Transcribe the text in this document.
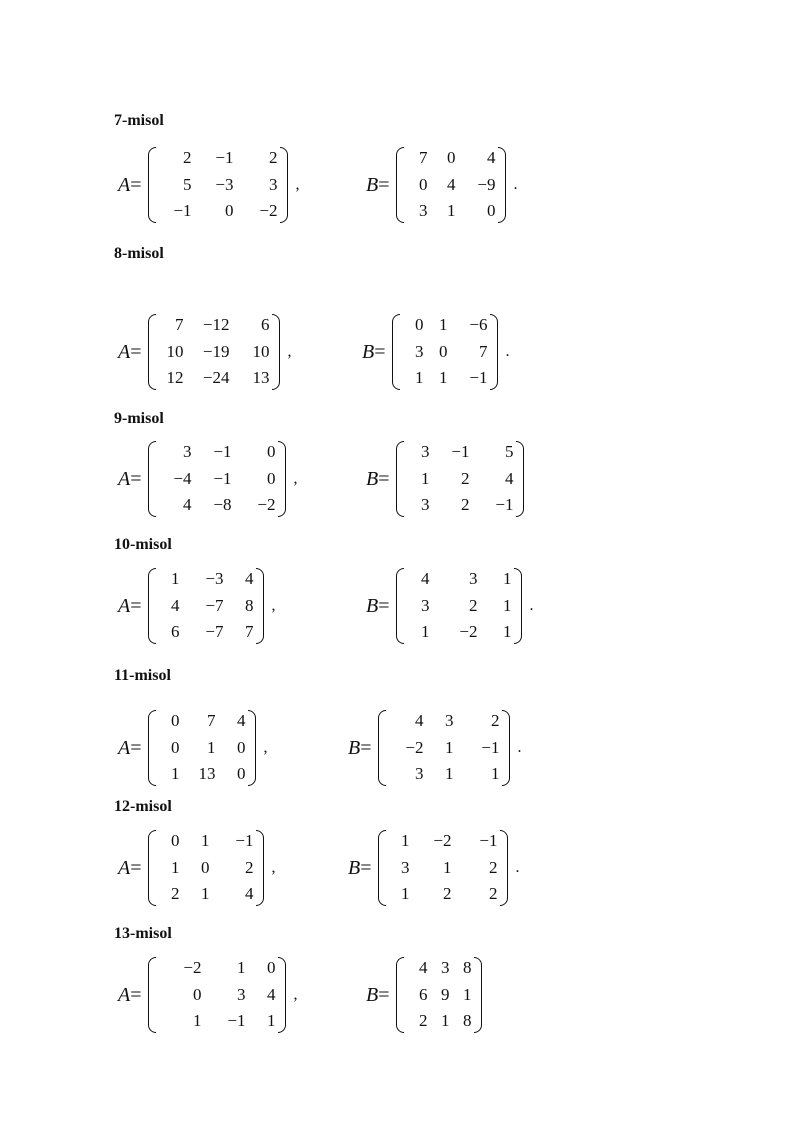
7-misol
A=
2	−1	2
5	−3	3
−1	0	−2
,	B=
7	0	4
0	4	−9
3	1	0
.
8-misol
A=
7	−12	6
10	−19	10
12	−24	13
,	B=
0 1	−6
3 0	7
1 1	−1
.
9-misol
A=
3	−1	0
−4	−1	0
4	−8	−2
,	B=
3	−1	5
1	2	4
3	2	−1
10-misol
A=
1	−3	4
4	−7	8
6	−7	7
,	B=
4	3	1
3	2	1
1	−2	1
.
11-misol
A=
0	7	4
0	1	0
1	13	0
,	B=
4	3	2
−2	1	−1
3	1	1
.
12-misol
A=
0	1	−1
1	0	2
2	1	4
,	B=
1	−2	−1
3	1	2
1	2	2
.
13-misol
A=
−2	1	0
0	3	4
1	−1	1
,	B=
4 3 8
6 9 1
2 1 8
